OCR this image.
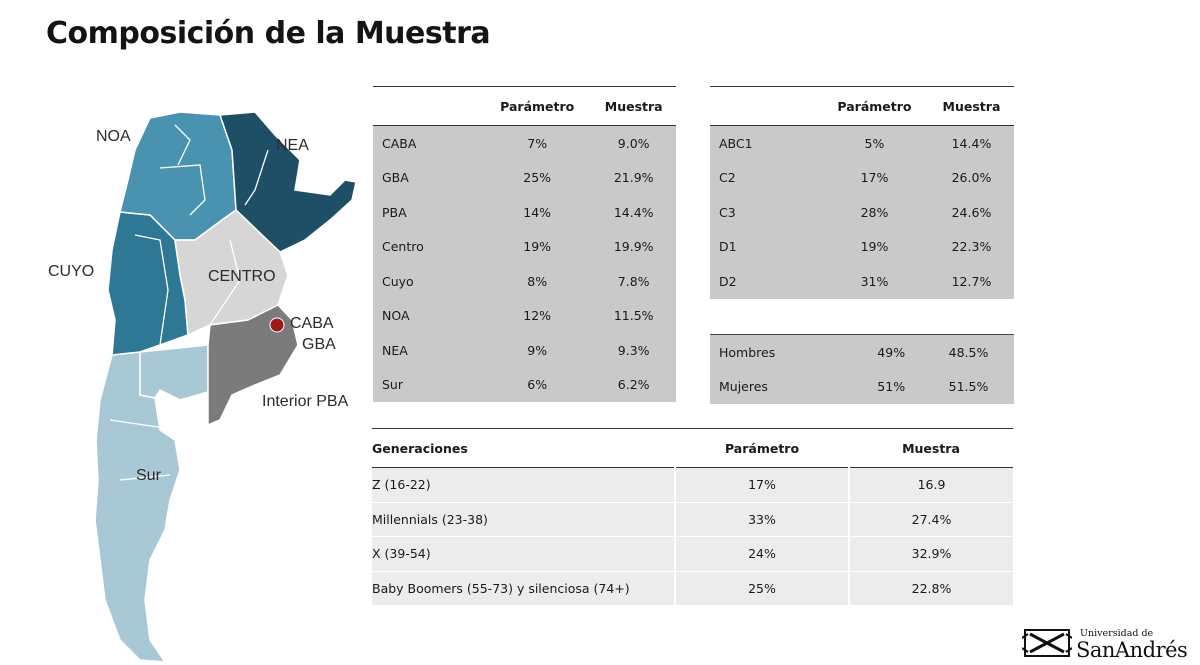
Composición de la Muestra
NOA
NEA
CUYO	CENTRO
CABA
GBA
Interior PBA
Sur
	Parámetro	Muestra
CABA	7%	9.0%
GBA	25%	21.9%
PBA	14%	14.4%
Centro	19%	19.9%
Cuyo	8%	7.8%
NOA	12%	11.5%
NEA	9%	9.3%
Sur	6%	6.2%
	Parámetro	Muestra
ABC1	5%	14.4%
C2	17%	26.0%
C3	28%	24.6%
D1	19%	22.3%
D2	31%	12.7%
Hombres	49%	48.5%
Mujeres	51%	51.5%
Generaciones	Parámetro	Muestra
Z (16-22)	17%	16.9
Millennials (23-38)	33%	27.4%
X (39-54)	24%	32.9%
Baby Boomers (55-73) y silenciosa (74+)	25%	22.8%
Universidad de
SanAndrés
